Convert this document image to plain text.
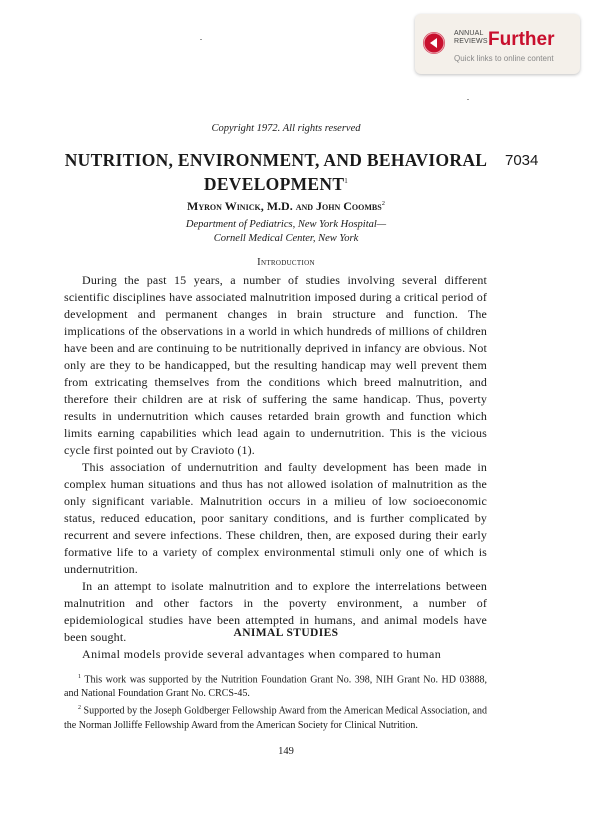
ANNUAL
REVIEWS Further
Quick links to online content
Copyright 1972. All rights reserved
NUTRITION, ENVIRONMENT, AND BEHAVIORAL
DEVELOPMENT$^1$
7034
Myron Winick, M.D. and John Coombs$^2$
Department of Pediatrics, New York Hospital—
Cornell Medical Center, New York
Introduction

During the past 15 years, a number of studies involving several different scientific disciplines have associated malnutrition imposed during a critical period of development and permanent changes in brain structure and function. The implications of the observations in a world in which hundreds of millions of children have been and are continuing to be nutritionally deprived in infancy are obvious. Not only are they to be handicapped, but the resulting handicap may well prevent them from extricating themselves from the conditions which breed malnutrition, and therefore their children are at risk of suffering the same handicap. Thus, poverty results in undernutrition which causes retarded brain growth and function which limits earning capabilities which lead again to undernutrition. This is the vicious cycle first pointed out by Cravioto (1).

This association of undernutrition and faulty development has been made in complex human situations and thus has not allowed isolation of malnutrition as the only significant variable. Malnutrition occurs in a milieu of low socioeconomic status, reduced education, poor sanitary conditions, and is further complicated by recurrent and severe infections. These children, then, are exposed during their early formative life to a variety of complex environmental stimuli only one of which is undernutrition.

In an attempt to isolate malnutrition and to explore the interrelations between malnutrition and other factors in the poverty environment, a number of epidemiological studies have been attempted in humans, and animal models have been sought.	ANIMAL STUDIES

Animal models provide several advantages when compared to human

$^1$ This work was supported by the Nutrition Foundation Grant No. 398, NIH Grant No. HD 03888, and National Foundation Grant No. CRCS-45.

$^2$ Supported by the Joseph Goldberger Fellowship Award from the American Medical Association, and the Norman Jolliffe Fellowship Award from the American Society for Clinical Nutrition.

149
